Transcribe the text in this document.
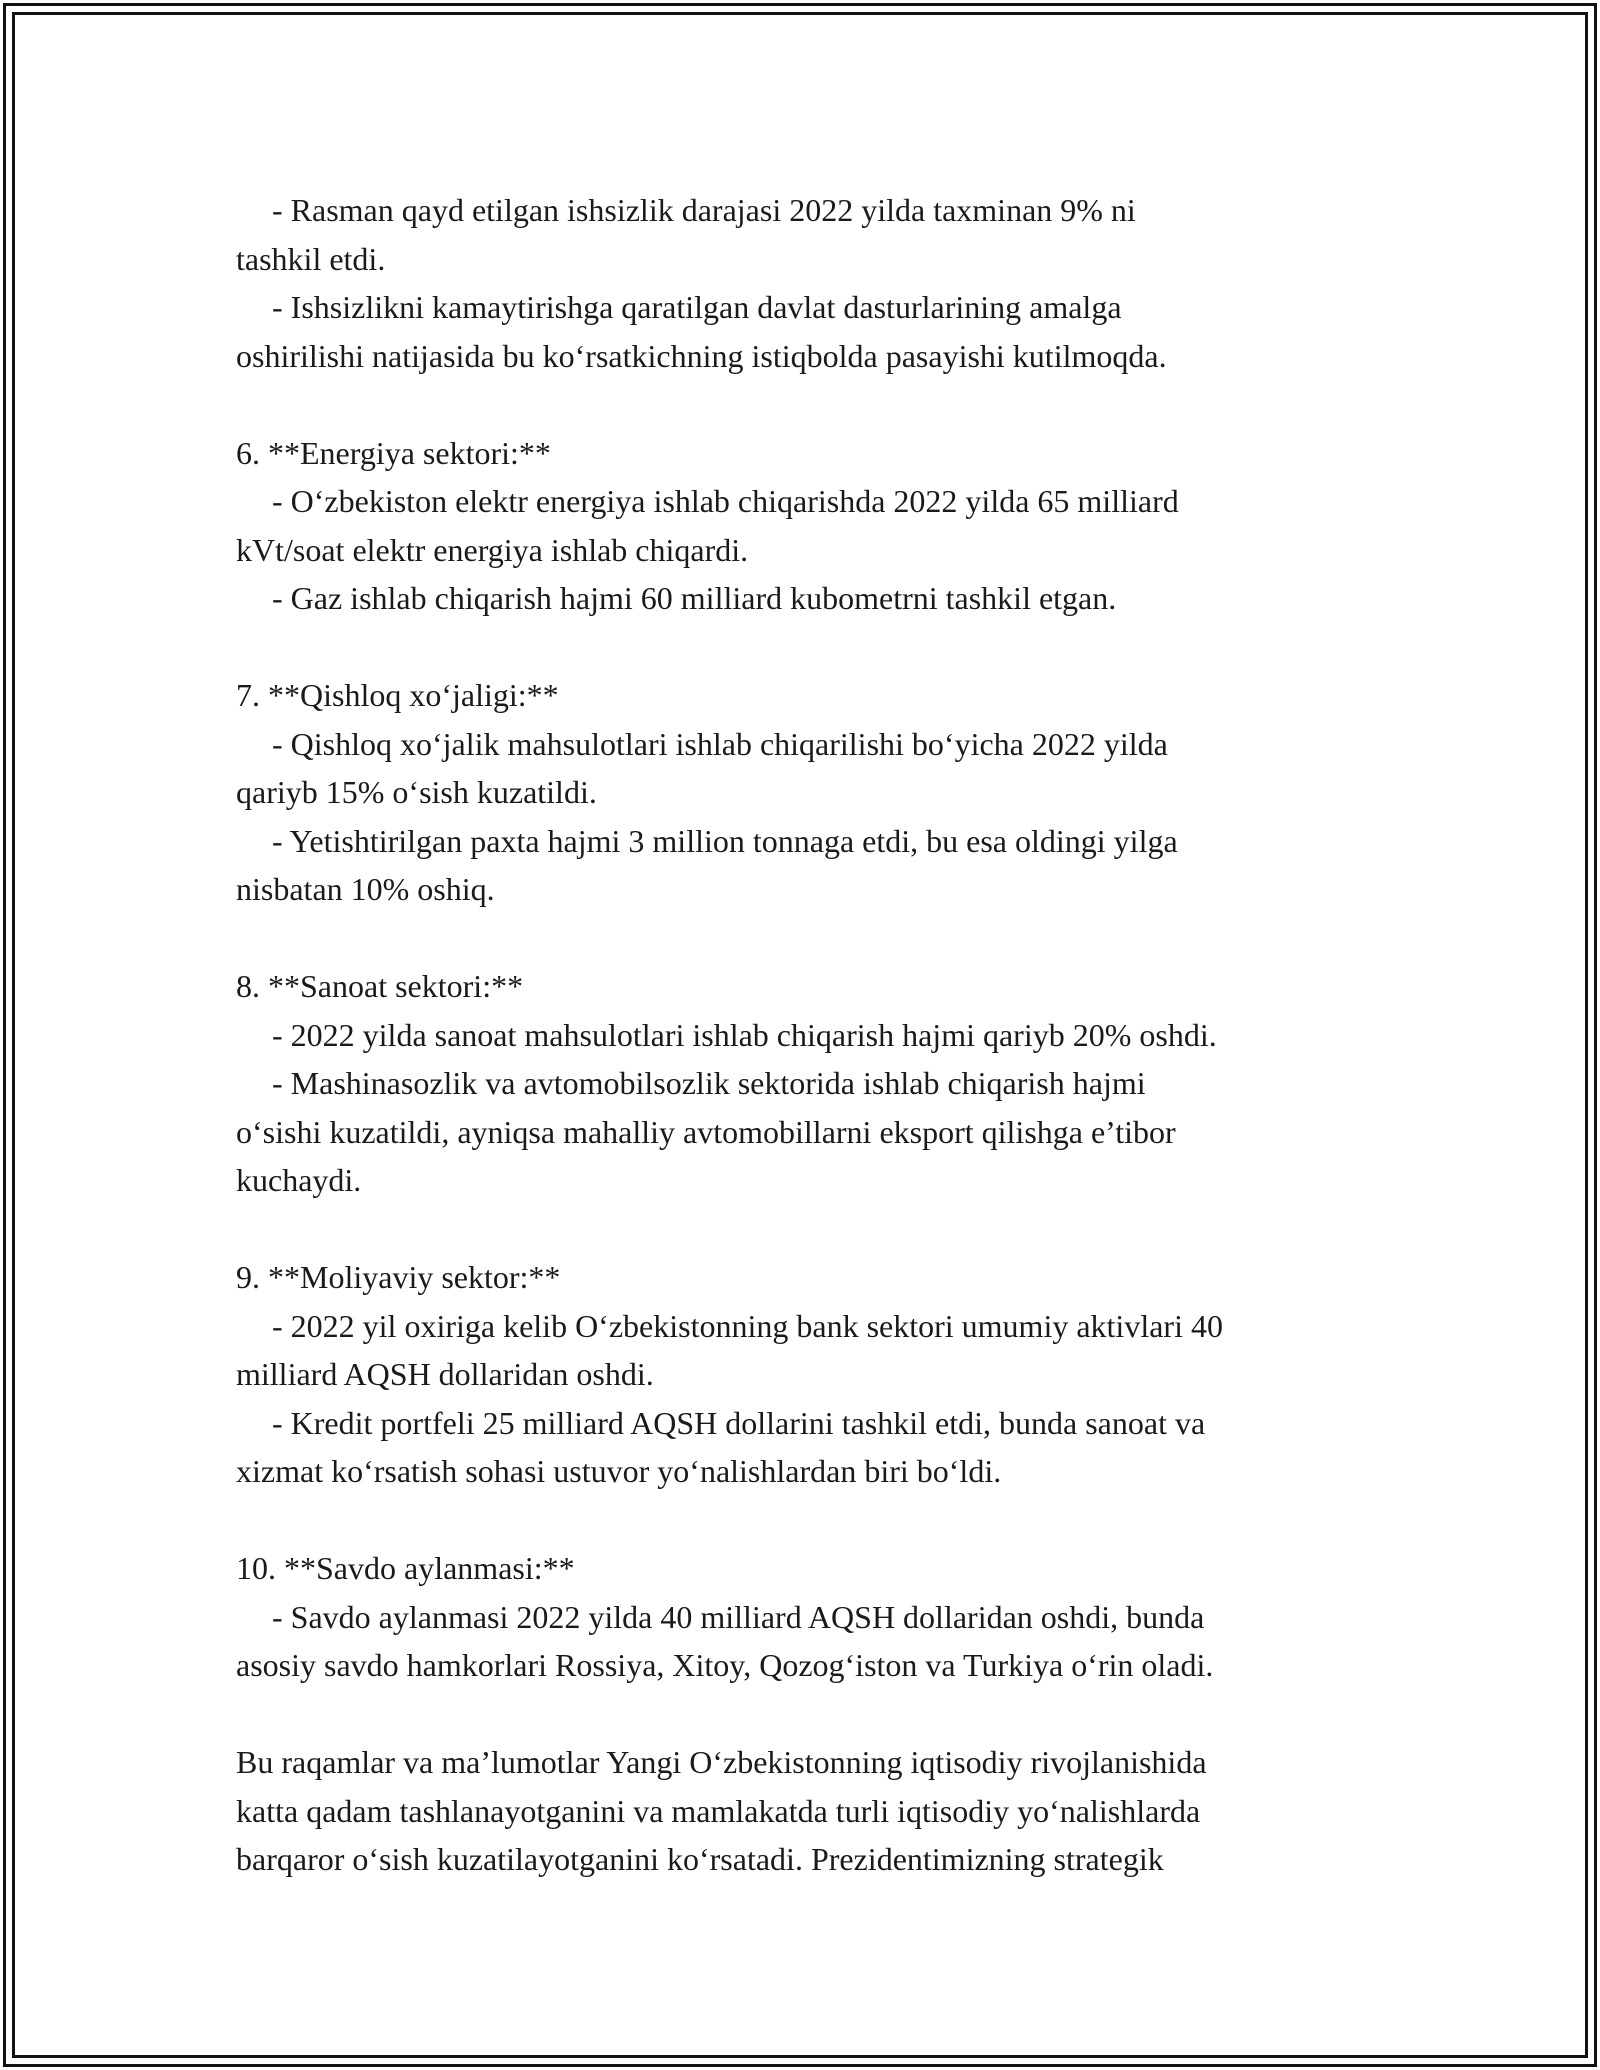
- Rasman qayd etilgan ishsizlik darajasi 2022 yilda taxminan 9% ni
tashkil etdi.
- Ishsizlikni kamaytirishga qaratilgan davlat dasturlarining amalga
oshirilishi natijasida bu ko‘rsatkichning istiqbolda pasayishi kutilmoqda.
6. **Energiya sektori:**
- O‘zbekiston elektr energiya ishlab chiqarishda 2022 yilda 65 milliard
kVt/soat elektr energiya ishlab chiqardi.
- Gaz ishlab chiqarish hajmi 60 milliard kubometrni tashkil etgan.
7. **Qishloq xo‘jaligi:**
- Qishloq xo‘jalik mahsulotlari ishlab chiqarilishi bo‘yicha 2022 yilda
qariyb 15% o‘sish kuzatildi.
- Yetishtirilgan paxta hajmi 3 million tonnaga etdi, bu esa oldingi yilga
nisbatan 10% oshiq.
8. **Sanoat sektori:**
- 2022 yilda sanoat mahsulotlari ishlab chiqarish hajmi qariyb 20% oshdi.
- Mashinasozlik va avtomobilsozlik sektorida ishlab chiqarish hajmi
o‘sishi kuzatildi, ayniqsa mahalliy avtomobillarni eksport qilishga e’tibor
kuchaydi.
9. **Moliyaviy sektor:**
- 2022 yil oxiriga kelib O‘zbekistonning bank sektori umumiy aktivlari 40
milliard AQSH dollaridan oshdi.
- Kredit portfeli 25 milliard AQSH dollarini tashkil etdi, bunda sanoat va
xizmat ko‘rsatish sohasi ustuvor yo‘nalishlardan biri bo‘ldi.
10. **Savdo aylanmasi:**
- Savdo aylanmasi 2022 yilda 40 milliard AQSH dollaridan oshdi, bunda
asosiy savdo hamkorlari Rossiya, Xitoy, Qozog‘iston va Turkiya o‘rin oladi.
Bu raqamlar va ma’lumotlar Yangi O‘zbekistonning iqtisodiy rivojlanishida
katta qadam tashlanayotganini va mamlakatda turli iqtisodiy yo‘nalishlarda
barqaror o‘sish kuzatilayotganini ko‘rsatadi. Prezidentimizning strategik
